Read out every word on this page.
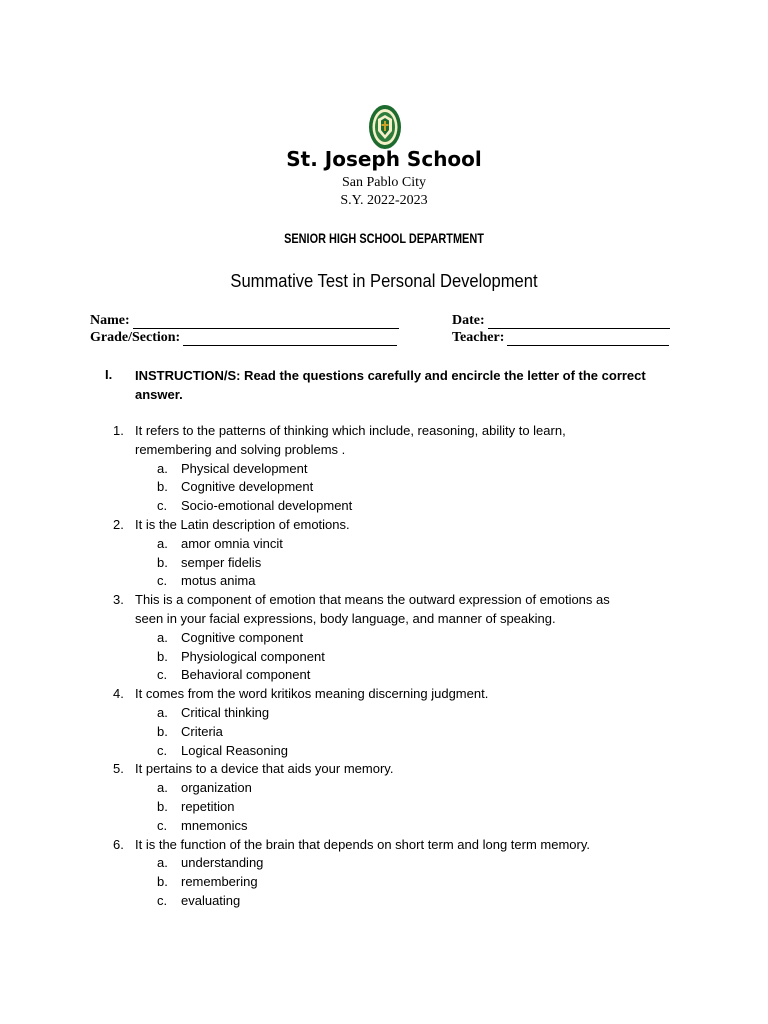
St. Joseph School
San Pablo City
S.Y. 2022-2023
SENIOR HIGH SCHOOL DEPARTMENT
Summative Test in Personal Development
Name:
Grade/Section:
Date:
Teacher:
I. INSTRUCTION/S: Read the questions carefully and encircle the letter of the correct answer.
1. It refers to the patterns of thinking which include, reasoning, ability to learn, remembering and solving problems .
a. Physical development
b. Cognitive development
c. Socio-emotional development
2. It is the Latin description of emotions.
a. amor omnia vincit
b. semper fidelis
c. motus anima
3. This is a component of emotion that means the outward expression of emotions as seen in your facial expressions, body language, and manner of speaking.
a. Cognitive component
b. Physiological component
c. Behavioral component
4. It comes from the word kritikos meaning discerning judgment.
a. Critical thinking
b. Criteria
c. Logical Reasoning
5. It pertains to a device that aids your memory.
a. organization
b. repetition
c. mnemonics
6. It is the function of the brain that depends on short term and long term memory.
a. understanding
b. remembering
c. evaluating
